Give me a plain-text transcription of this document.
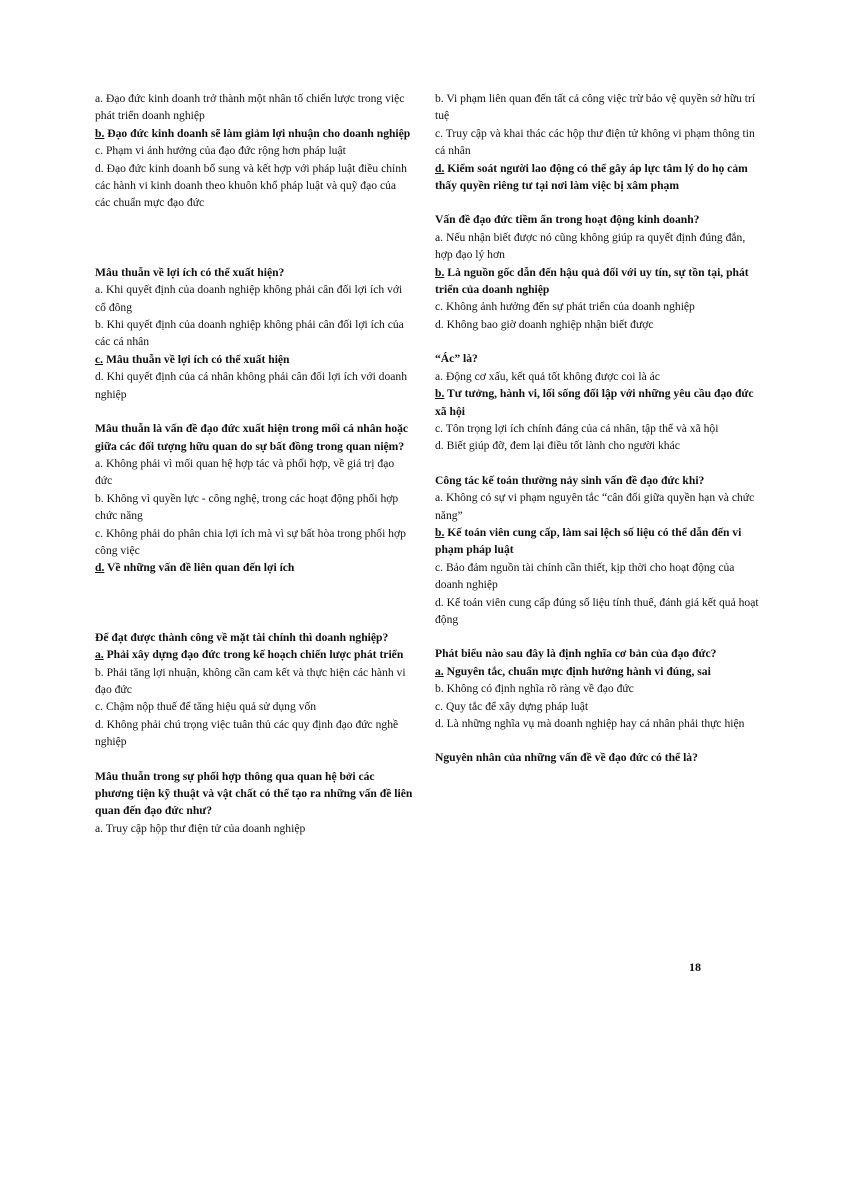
a. Đạo đức kinh doanh trở thành một nhân tố chiến lược trong việc phát triển doanh nghiệp
b. Đạo đức kinh doanh sẽ làm giảm lợi nhuận cho doanh nghiệp
c. Phạm vi ảnh hưởng của đạo đức rộng hơn pháp luật
d. Đạo đức kinh doanh bổ sung và kết hợp với pháp luật điều chỉnh các hành vi kinh doanh theo khuôn khổ pháp luật và quỹ đạo của các chuẩn mực đạo đức
Mâu thuẫn về lợi ích có thể xuất hiện?
a. Khi quyết định của doanh nghiệp không phải cân đối lợi ích với cổ đông
b. Khi quyết định của doanh nghiệp không phải cân đối lợi ích của các cá nhân
c. Mâu thuẫn về lợi ích có thể xuất hiện
d. Khi quyết định của cá nhân không phải cân đối lợi ích với doanh nghiệp
Mâu thuẫn là vấn đề đạo đức xuất hiện trong mối cá nhân hoặc giữa các đối tượng hữu quan do sự bất đồng trong quan niệm?
a. Không phải vì mối quan hệ hợp tác và phối hợp, về giá trị đạo đức
b. Không vì quyền lực - công nghệ, trong các hoạt động phối hợp chức năng
c. Không phải do phân chia lợi ích mà vì sự bất hòa trong phối hợp công việc
d. Về những vấn đề liên quan đến lợi ích
Để đạt được thành công về mặt tài chính thì doanh nghiệp?
a. Phải xây dựng đạo đức trong kế hoạch chiến lược phát triển
b. Phải tăng lợi nhuận, không cần cam kết và thực hiện các hành vi đạo đức
c. Chậm nộp thuế để tăng hiệu quả sử dụng vốn
d. Không phải chú trọng việc tuân thủ các quy định đạo đức nghề nghiệp
Mâu thuẫn trong sự phối hợp thông qua quan hệ bởi các phương tiện kỹ thuật và vật chất có thể tạo ra những vấn đề liên quan đến đạo đức như?
a. Truy cập hộp thư điện tử của doanh nghiệp
b. Vi phạm liên quan đến tất cả công việc trừ bảo vệ quyền sở hữu trí tuệ
c. Truy cập và khai thác các hộp thư điện tử không vi phạm thông tin cá nhân
d. Kiểm soát người lao động có thể gây áp lực tâm lý do họ cảm thấy quyền riêng tư tại nơi làm việc bị xâm phạm
Vấn đề đạo đức tiềm ẩn trong hoạt động kinh doanh?
a. Nếu nhận biết được nó cũng không giúp ra quyết định đúng đắn, hợp đạo lý hơn
b. Là nguồn gốc dẫn đến hậu quả đối với uy tín, sự tồn tại, phát triển của doanh nghiệp
c. Không ảnh hưởng đến sự phát triển của doanh nghiệp
d. Không bao giờ doanh nghiệp nhận biết được
“Ác” là?
a. Động cơ xấu, kết quả tốt không được coi là ác
b. Tư tưởng, hành vi, lối sống đối lập với những yêu cầu đạo đức xã hội
c. Tôn trọng lợi ích chính đáng của cá nhân, tập thể và xã hội
d. Biết giúp đỡ, đem lại điều tốt lành cho người khác
Công tác kế toán thường nảy sinh vấn đề đạo đức khi?
a. Không có sự vi phạm nguyên tắc “cân đối giữa quyền hạn và chức năng”
b. Kế toán viên cung cấp, làm sai lệch số liệu có thể dẫn đến vi phạm pháp luật
c. Bảo đảm nguồn tài chính cần thiết, kịp thời cho hoạt động của doanh nghiệp
d. Kế toán viên cung cấp đúng số liệu tính thuế, đánh giá kết quả hoạt động
Phát biểu nào sau đây là định nghĩa cơ bản của đạo đức?
a. Nguyên tắc, chuẩn mực định hướng hành vi đúng, sai
b. Không có định nghĩa rõ ràng về đạo đức
c. Quy tắc để xây dựng pháp luật
d. Là những nghĩa vụ mà doanh nghiệp hay cá nhân phải thực hiện
Nguyên nhân của những vấn đề về đạo đức có thể là?
18
